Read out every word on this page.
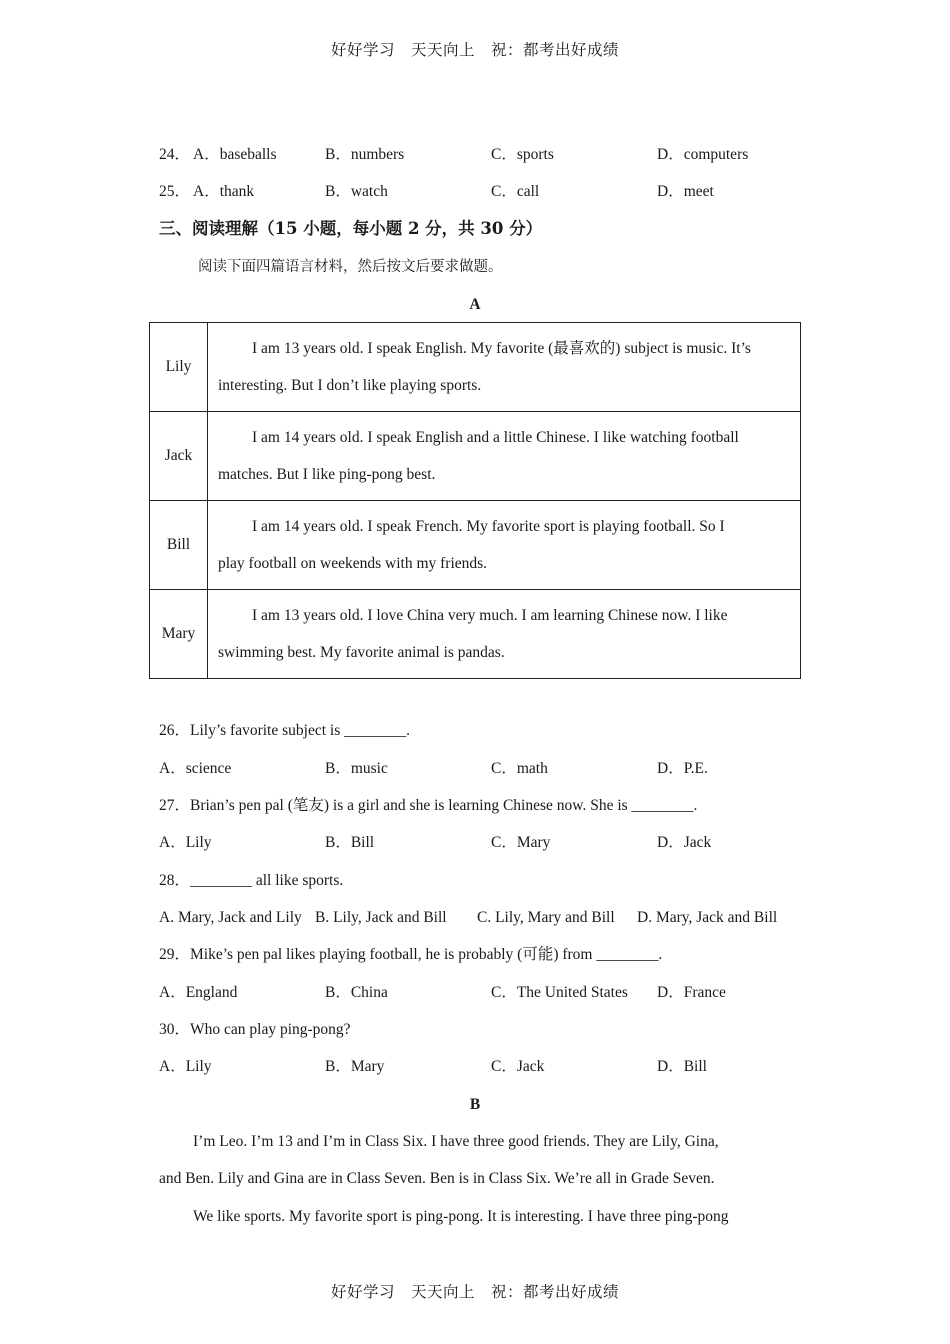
好好学习　天天向上　祝：都考出好成绩
24． A．baseballs	B．numbers	C．sports	D．computers
25． A．thank	B．watch	C．call	D．meet
三、阅读理解（15 小题，每小题 2 分，共 30 分）
阅读下面四篇语言材料，然后按文后要求做题。
A
Lily	I am 13 years old. I speak English. My favorite (最喜欢的) subject is music. It’s
interesting. But I don’t like playing sports.
Jack	I am 14 years old. I speak English and a little Chinese. I like watching football
matches. But I like ping-pong best.
Bill	I am 14 years old. I speak French. My favorite sport is playing football. So I
play football on weekends with my friends.
Mary	I am 13 years old. I love China very much. I am learning Chinese now. I like
swimming best. My favorite animal is pandas.
26．Lily’s favorite subject is ________.
A．science	B．music	C．math	D．P.E.
27．Brian’s pen pal (笔友) is a girl and she is learning Chinese now. She is ________.
A．Lily	B．Bill	C．Mary	D．Jack
28．________ all like sports.
A. Mary, Jack and Lily B. Lily, Jack and Bill C. Lily, Mary and Bill D. Mary, Jack and Bill
29．Mike’s pen pal likes playing football, he is probably (可能) from ________.
A．England	B．China	C．The United States D．France
30．Who can play ping-pong?
A．Lily	B．Mary	C．Jack	D．Bill
B
I’m Leo. I’m 13 and I’m in Class Six. I have three good friends. They are Lily, Gina,
and Ben. Lily and Gina are in Class Seven. Ben is in Class Six. We’re all in Grade Seven.
We like sports. My favorite sport is ping-pong. It is interesting. I have three ping-pong
好好学习　天天向上　祝：都考出好成绩
